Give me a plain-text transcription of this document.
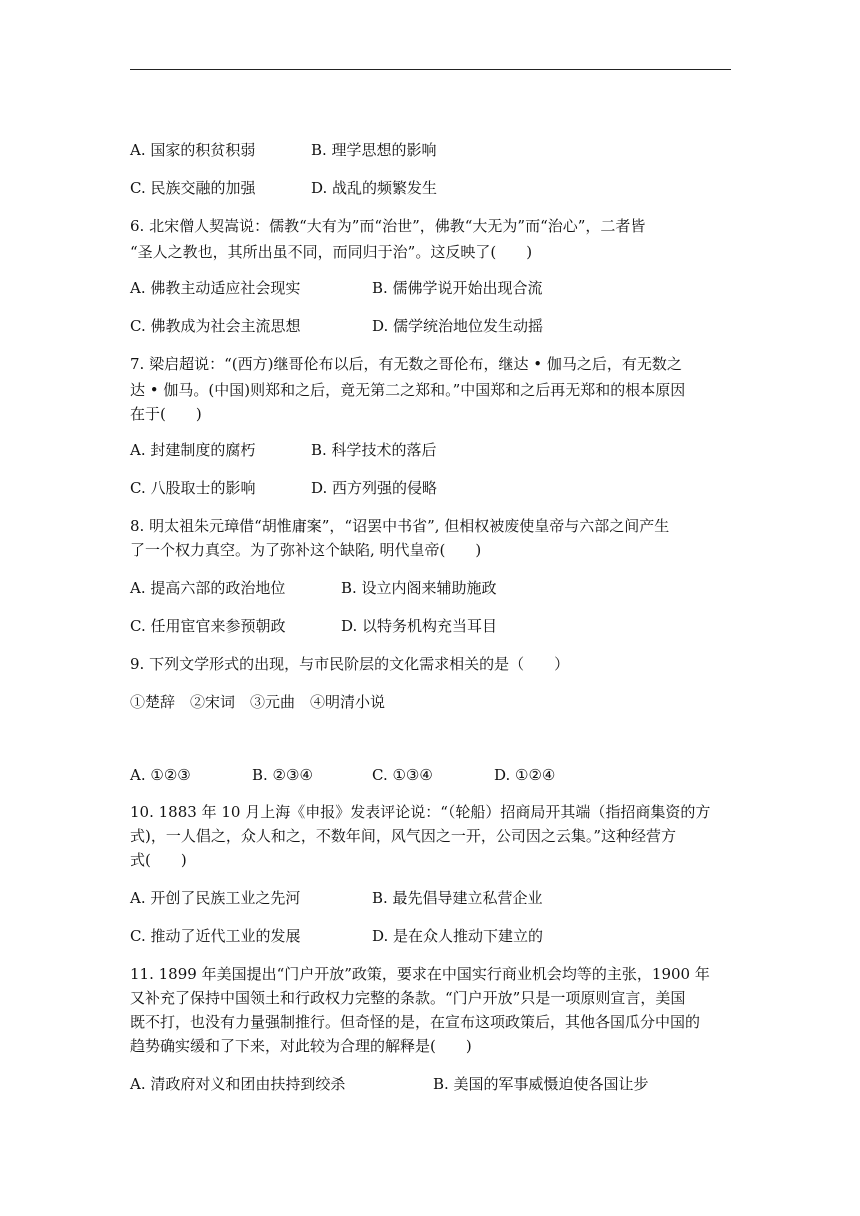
A. 国家的积贫积弱	B. 理学思想的影响
C. 民族交融的加强	D. 战乱的频繁发生
6. 北宋僧人契嵩说：儒教“大有为”而“治世”，佛教“大无为”而“治心”，二者皆
“圣人之教也，其所出虽不同，而同归于治”。这反映了(　　)
A. 佛教主动适应社会现实	B. 儒佛学说开始出现合流
C. 佛教成为社会主流思想	D. 儒学统治地位发生动摇
7. 梁启超说：“(西方)继哥伦布以后，有无数之哥伦布，继达 • 伽马之后，有无数之
达 • 伽马。(中国)则郑和之后，竟无第二之郑和。”中国郑和之后再无郑和的根本原因
在于(　　)
A. 封建制度的腐朽	B. 科学技术的落后
C. 八股取士的影响	D. 西方列强的侵略
8. 明太祖朱元璋借“胡惟庸案”，“诏罢中书省”, 但相权被废使皇帝与六部之间产生
了一个权力真空。为了弥补这个缺陷, 明代皇帝(　　)
A. 提高六部的政治地位	B. 设立内阁来辅助施政
C. 任用宦官来参预朝政	D. 以特务机构充当耳目
9. 下列文学形式的出现，与市民阶层的文化需求相关的是（　　）
①楚辞　②宋词　③元曲　④明清小说
A. ①②③	B. ②③④	C. ①③④	D. ①②④
10. 1883 年 10 月上海《申报》发表评论说：“（轮船）招商局开其端（指招商集资的方
式)，一人倡之，众人和之，不数年间，风气因之一开，公司因之云集。”这种经营方
式(　　)
A. 开创了民族工业之先河	B. 最先倡导建立私营企业
C. 推动了近代工业的发展	D. 是在众人推动下建立的
11. 1899 年美国提出“门户开放”政策，要求在中国实行商业机会均等的主张，1900 年
又补充了保持中国领土和行政权力完整的条款。“门户开放”只是一项原则宣言，美国
既不打，也没有力量强制推行。但奇怪的是，在宣布这项政策后，其他各国瓜分中国的
趋势确实缓和了下来，对此较为合理的解释是(　　)
A. 清政府对义和团由扶持到绞杀	B. 美国的军事威慑迫使各国让步
